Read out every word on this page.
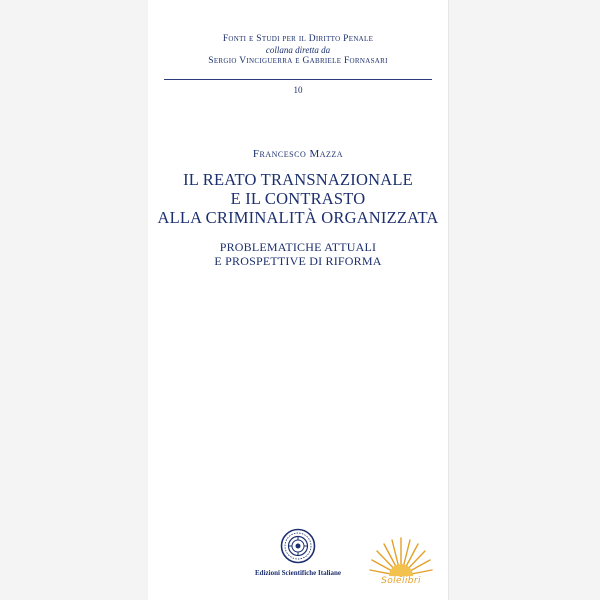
Fonti e Studi per il Diritto Penale
collana diretta da
Sergio Vinciguerra e Gabriele Fornasari
10
Francesco Mazza
IL REATO TRANSNAZIONALE
E IL CONTRASTO
ALLA CRIMINALITÀ ORGANIZZATA
PROBLEMATICHE ATTUALI
E PROSPETTIVE DI RIFORMA
Edizioni Scientifiche Italiane
Solelibri
